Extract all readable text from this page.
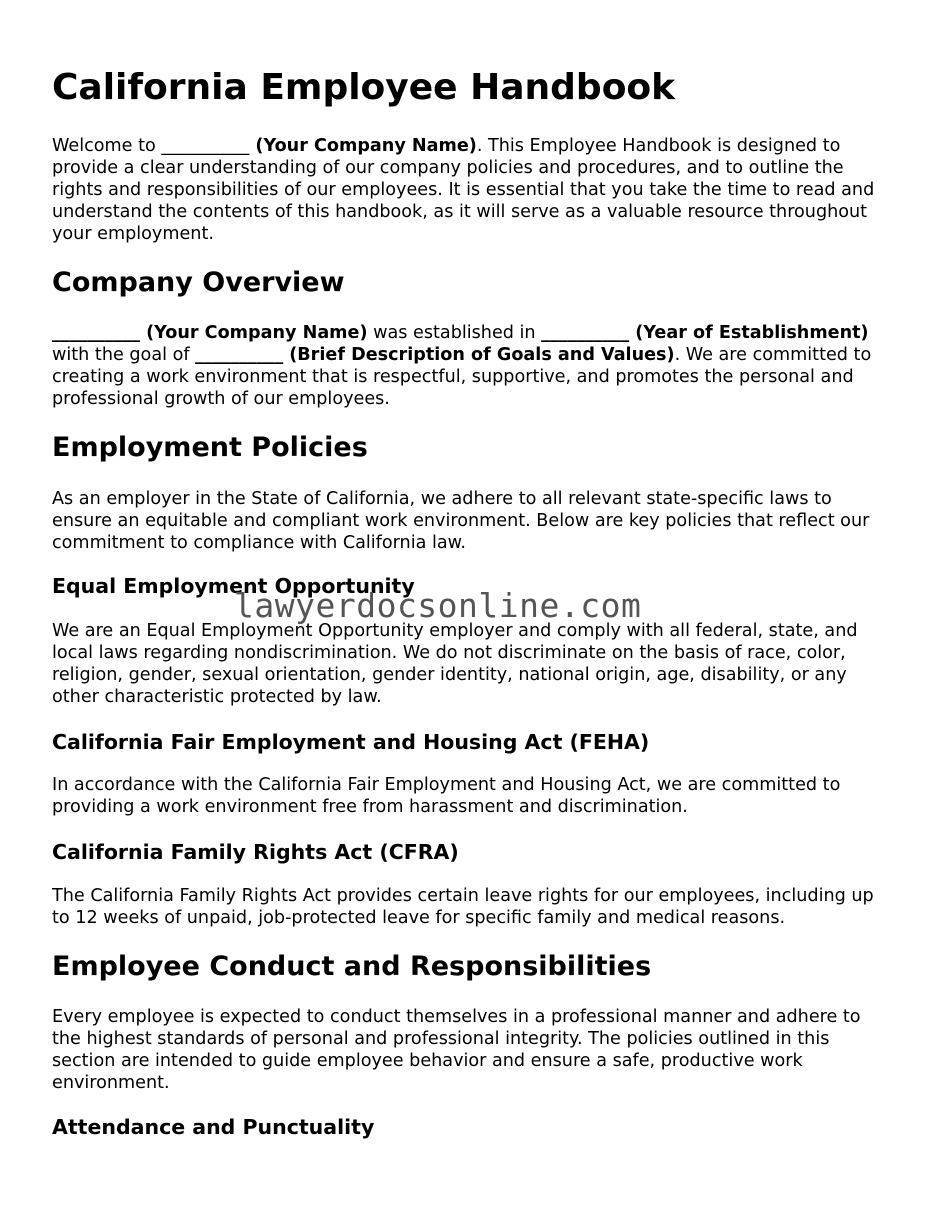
California Employee Handbook

Welcome to __________ (Your Company Name). This Employee Handbook is designed to provide a clear understanding of our company policies and procedures, and to outline the rights and responsibilities of our employees. It is essential that you take the time to read and understand the contents of this handbook, as it will serve as a valuable resource throughout your employment.

Company Overview

__________ (Your Company Name) was established in __________ (Year of Establishment) with the goal of __________ (Brief Description of Goals and Values). We are committed to creating a work environment that is respectful, supportive, and promotes the personal and professional growth of our employees.

Employment Policies

As an employer in the State of California, we adhere to all relevant state-specific laws to ensure an equitable and compliant work environment. Below are key policies that reflect our commitment to compliance with California law.

Equal Employment Opportunity

We are an Equal Employment Opportunity employer and comply with all federal, state, and local laws regarding nondiscrimination. We do not discriminate on the basis of race, color, religion, gender, sexual orientation, gender identity, national origin, age, disability, or any other characteristic protected by law.

California Fair Employment and Housing Act (FEHA)

In accordance with the California Fair Employment and Housing Act, we are committed to providing a work environment free from harassment and discrimination.

California Family Rights Act (CFRA)

The California Family Rights Act provides certain leave rights for our employees, including up to 12 weeks of unpaid, job-protected leave for specific family and medical reasons.

Employee Conduct and Responsibilities

Every employee is expected to conduct themselves in a professional manner and adhere to the highest standards of personal and professional integrity. The policies outlined in this section are intended to guide employee behavior and ensure a safe, productive work environment.

Attendance and Punctuality
lawyerdocsonline.com
